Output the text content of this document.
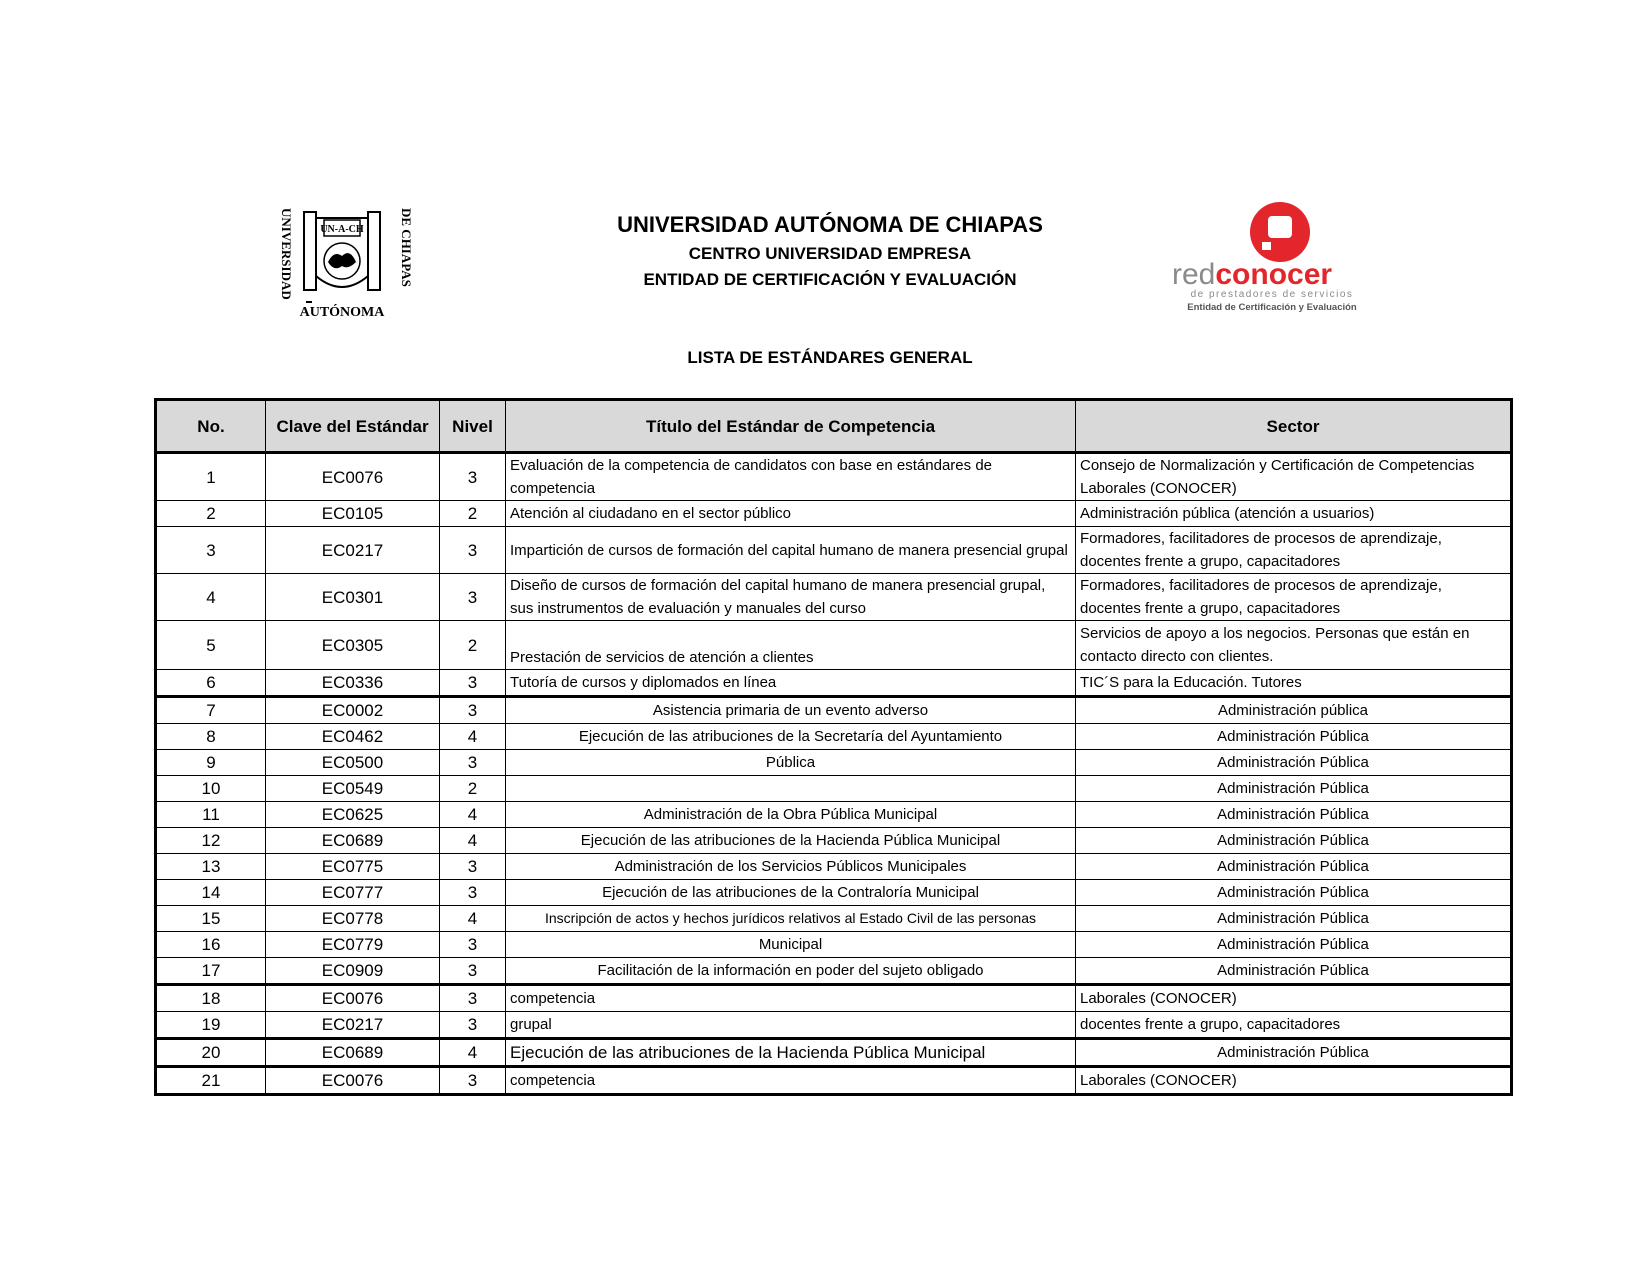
UNIVERSIDAD	DE CHIAPAS
UN-A-CH
AUTÓNOMA
redconocer
de prestadores de servicios
Entidad de Certificación y Evaluación
UNIVERSIDAD AUTÓNOMA DE CHIAPAS
CENTRO UNIVERSIDAD EMPRESA
ENTIDAD DE CERTIFICACIÓN Y EVALUACIÓN
LISTA DE ESTÁNDARES GENERAL
No.	Clave del Estándar	Nivel	Título del Estándar de Competencia	Sector
1	EC0076	3	Evaluación de la competencia de candidatos con base en estándares de competencia	Consejo de Normalización y Certificación de Competencias Laborales (CONOCER)
2	EC0105	2	Atención al ciudadano en el sector público	Administración pública (atención a usuarios)
3	EC0217	3	Impartición de cursos de formación del capital humano de manera presencial grupal	Formadores, facilitadores de procesos de aprendizaje, docentes frente a grupo, capacitadores
4	EC0301	3	Diseño de cursos de formación del capital humano de manera presencial grupal, sus instrumentos de evaluación y manuales del curso	Formadores, facilitadores de procesos de aprendizaje, docentes frente a grupo, capacitadores
5	EC0305	2	Prestación de servicios de atención a clientes	Servicios de apoyo a los negocios. Personas que están en contacto directo con clientes.
6	EC0336	3	Tutoría de cursos y diplomados en línea	TIC´S para la Educación. Tutores
7	EC0002	3	Asistencia primaria de un evento adverso	Administración pública
8	EC0462	4	Ejecución de las atribuciones de la Secretaría del Ayuntamiento	Administración Pública
9	EC0500	3	Pública	Administración Pública
10	EC0549	2		Administración Pública
11	EC0625	4	Administración de la Obra Pública Municipal	Administración Pública
12	EC0689	4	Ejecución de las atribuciones de la Hacienda Pública Municipal	Administración Pública
13	EC0775	3	Administración de los Servicios Públicos Municipales	Administración Pública
14	EC0777	3	Ejecución de las atribuciones de la Contraloría Municipal	Administración Pública
15	EC0778	4	Inscripción de actos y hechos jurídicos relativos al Estado Civil de las personas	Administración Pública
16	EC0779	3	Municipal	Administración Pública
17	EC0909	3	Facilitación de la información en poder del sujeto obligado	Administración Pública
18	EC0076	3	competencia	Laborales (CONOCER)
19	EC0217	3	grupal	docentes frente a grupo, capacitadores
20	EC0689	4	Ejecución de las atribuciones de la Hacienda Pública Municipal	Administración Pública
21	EC0076	3	competencia	Laborales (CONOCER)
